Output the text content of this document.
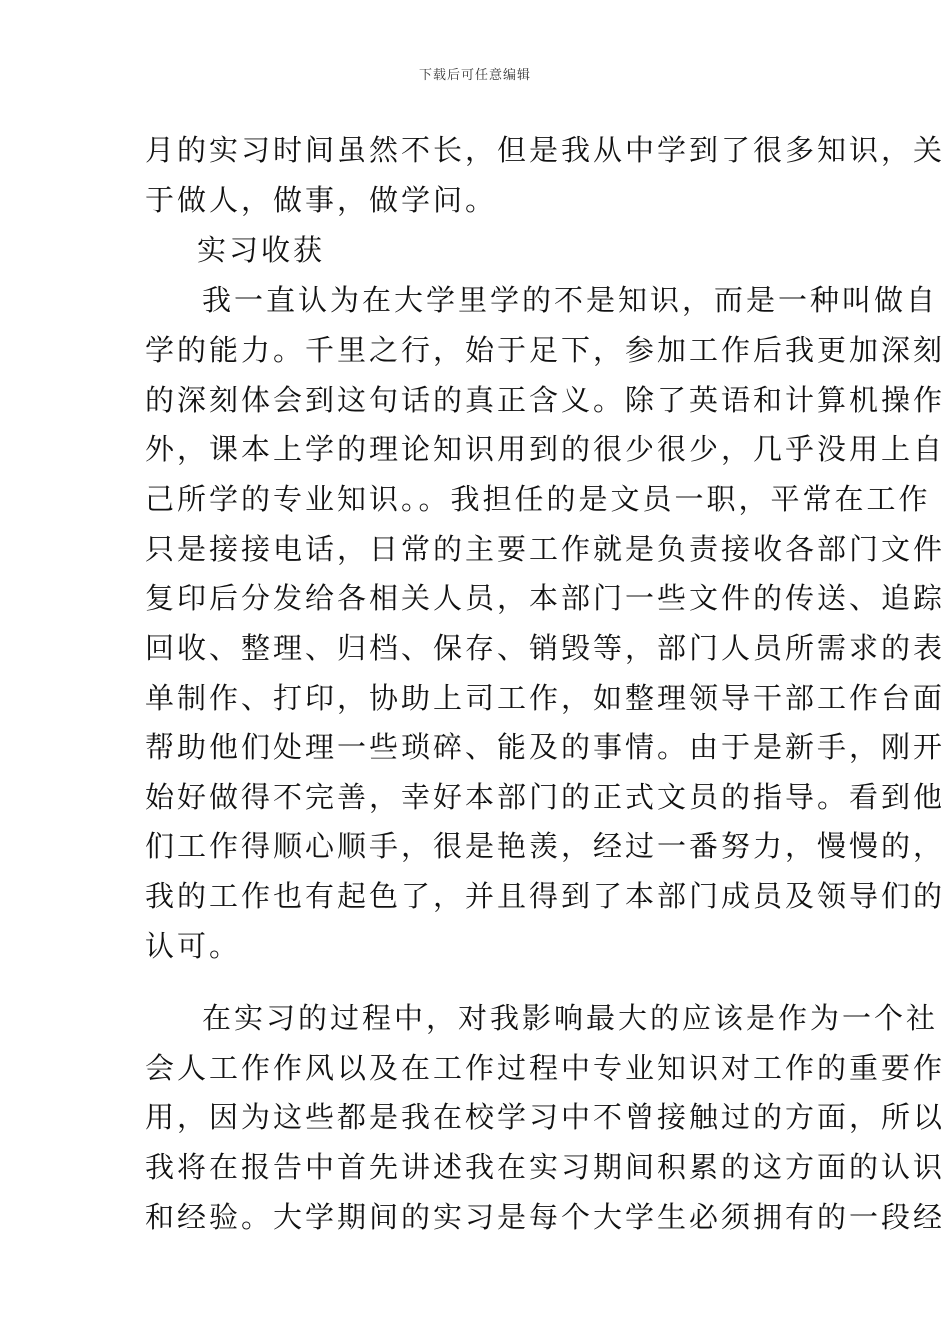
下载后可任意编辑
月的实习时间虽然不长，但是我从中学到了很多知识，关
于做人，做事，做学问。
　实习收获
　我一直认为在大学里学的不是知识，而是一种叫做自
学的能力。千里之行，始于足下，参加工作后我更加深刻
的深刻体会到这句话的真正含义。除了英语和计算机操作
外，课本上学的理论知识用到的很少很少，几乎没用上自
己所学的专业知识。。我担任的是文员一职，平常在工作
只是接接电话，日常的主要工作就是负责接收各部门文件
复印后分发给各相关人员，本部门一些文件的传送、追踪
回收、整理、归档、保存、销毁等，部门人员所需求的表
单制作、打印，协助上司工作，如整理领导干部工作台面
帮助他们处理一些琐碎、能及的事情。由于是新手，刚开
始好做得不完善，幸好本部门的正式文员的指导。看到他
们工作得顺心顺手，很是艳羡，经过一番努力，慢慢的，
我的工作也有起色了，并且得到了本部门成员及领导们的
认可。
　在实习的过程中，对我影响最大的应该是作为一个社
会人工作作风以及在工作过程中专业知识对工作的重要作
用，因为这些都是我在校学习中不曾接触过的方面，所以
我将在报告中首先讲述我在实习期间积累的这方面的认识
和经验。大学期间的实习是每个大学生必须拥有的一段经
